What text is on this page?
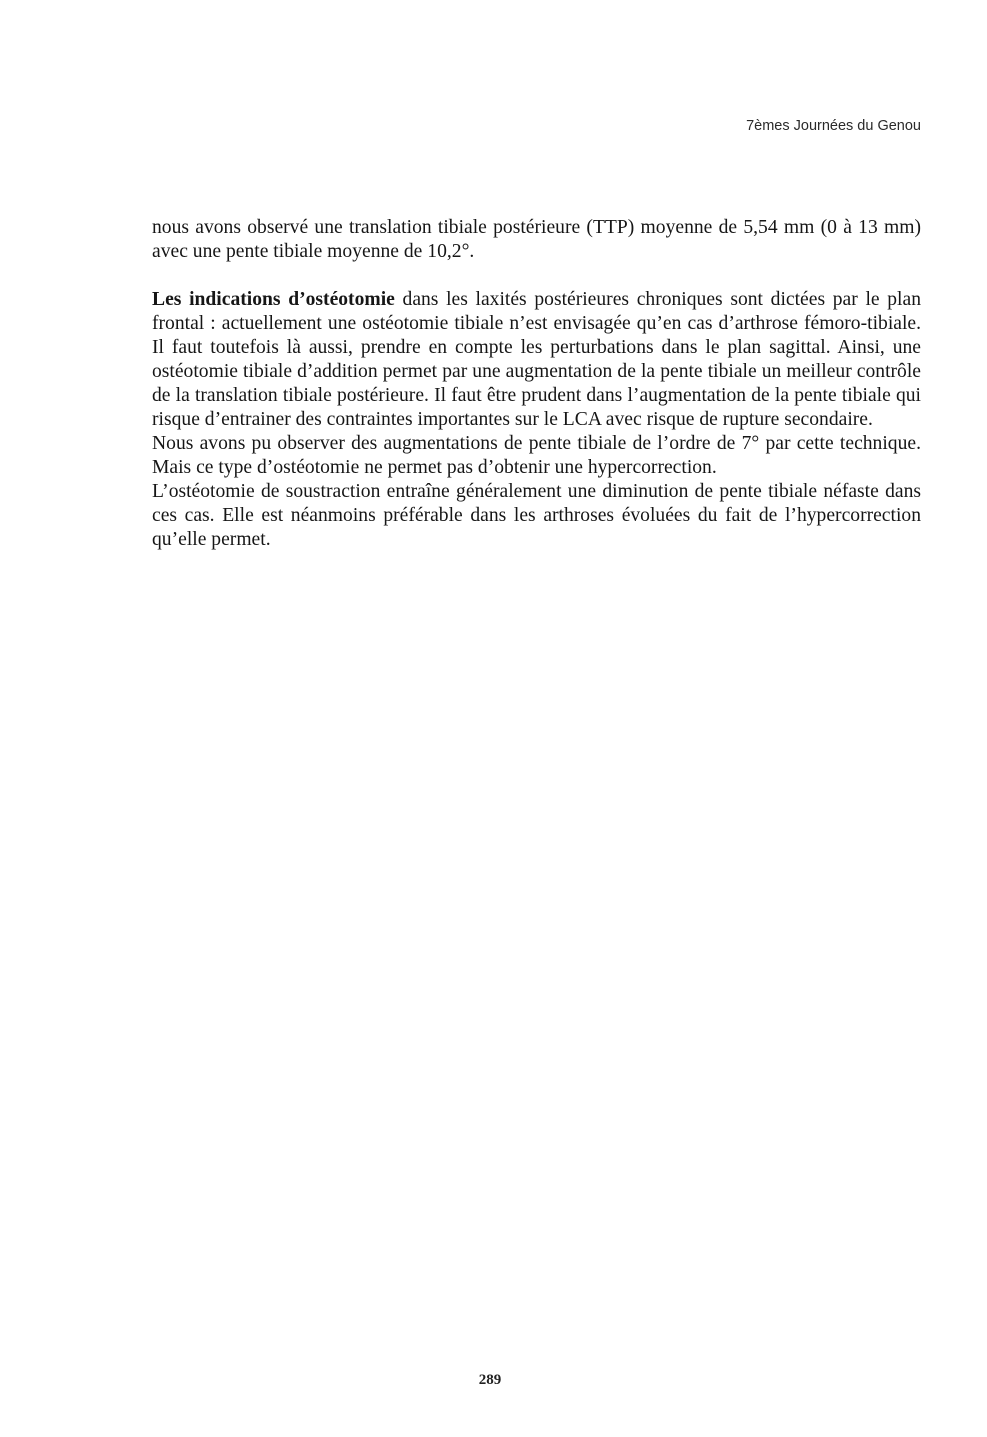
7èmes Journées du Genou

nous avons observé une translation tibiale postérieure (TTP) moyenne de 5,54 mm (0 à 13 mm) avec une pente tibiale moyenne de 10,2°.

Les indications d’ostéotomie dans les laxités postérieures chroniques sont dictées par le plan frontal : actuellement une ostéotomie tibiale n’est envisagée qu’en cas d’arthrose fémoro-tibiale. Il faut toutefois là aussi, prendre en compte les perturbations dans le plan sagittal. Ainsi, une ostéotomie tibiale d’addition permet par une augmentation de la pente tibiale un meilleur contrôle de la translation tibiale postérieure. Il faut être prudent dans l’augmentation de la pente tibiale qui risque d’entrainer des contraintes importantes sur le LCA avec risque de rupture secondaire.

Nous avons pu observer des augmentations de pente tibiale de l’ordre de 7° par cette technique. Mais ce type d’ostéotomie ne permet pas d’obtenir une hypercorrection.

L’ostéotomie de soustraction entraîne généralement une diminution de pente tibiale néfaste dans ces cas. Elle est néanmoins préférable dans les arthroses évoluées du fait de l’hypercorrection qu’elle permet.

289
